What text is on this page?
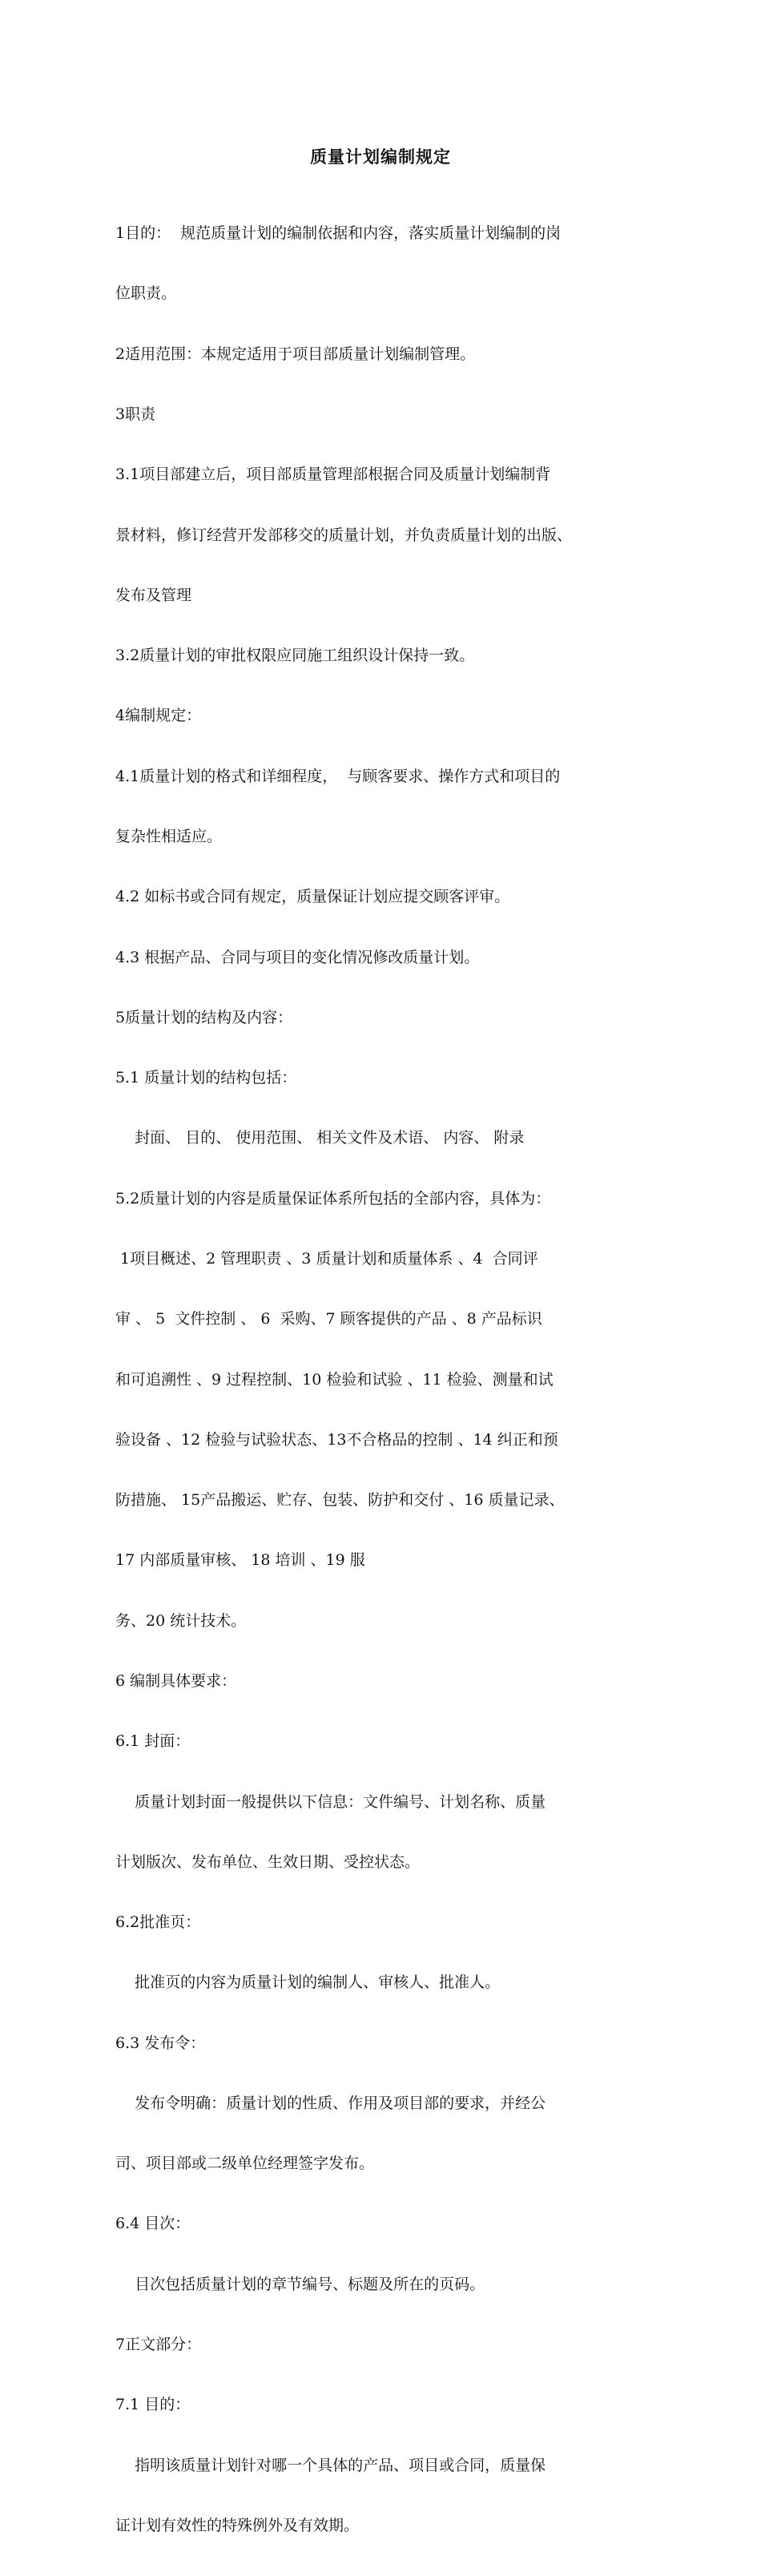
质量计划编制规定

1目的：  规范质量计划的编制依据和内容，落实质量计划编制的岗

位职责。

2适用范围：本规定适用于项目部质量计划编制管理。

3职责

3.1项目部建立后，项目部质量管理部根据合同及质量计划编制背

景材料，修订经营开发部移交的质量计划，并负责质量计划的出版、

发布及管理

3.2质量计划的审批权限应同施工组织设计保持一致。

4编制规定：

4.1质量计划的格式和详细程度，  与顾客要求、操作方式和项目的

复杂性相适应。

4.2 如标书或合同有规定，质量保证计划应提交顾客评审。

4.3 根据产品、合同与项目的变化情况修改质量计划。

5质量计划的结构及内容：

5.1 质量计划的结构包括：

封面、 目的、 使用范围、 相关文件及术语、 内容、 附录

5.2质量计划的内容是质量保证体系所包括的全部内容，具体为：

1项目概述、2 管理职责 、3 质量计划和质量体系 、4  合同评

审 、 5  文件控制 、 6  采购、7 顾客提供的产品 、8 产品标识

和可追溯性 、9 过程控制、10 检验和试验 、11 检验、测量和试

验设备 、12 检验与试验状态、13不合格品的控制 、14 纠正和预

防措施、 15产品搬运、贮存、包装、防护和交付 、16 质量记录、

17 内部质量审核、 18 培训 、19 服

务、20 统计技术。

6 编制具体要求：

6.1 封面：

质量计划封面一般提供以下信息：文件编号、计划名称、质量

计划版次、发布单位、生效日期、受控状态。

6.2批准页：

批准页的内容为质量计划的编制人、审核人、批准人。

6.3 发布令：

发布令明确：质量计划的性质、作用及项目部的要求，并经公

司、项目部或二级单位经理签字发布。

6.4 目次：

目次包括质量计划的章节编号、标题及所在的页码。

7正文部分：

7.1 目的：

指明该质量计划针对哪一个具体的产品、项目或合同，质量保

证计划有效性的特殊例外及有效期。
